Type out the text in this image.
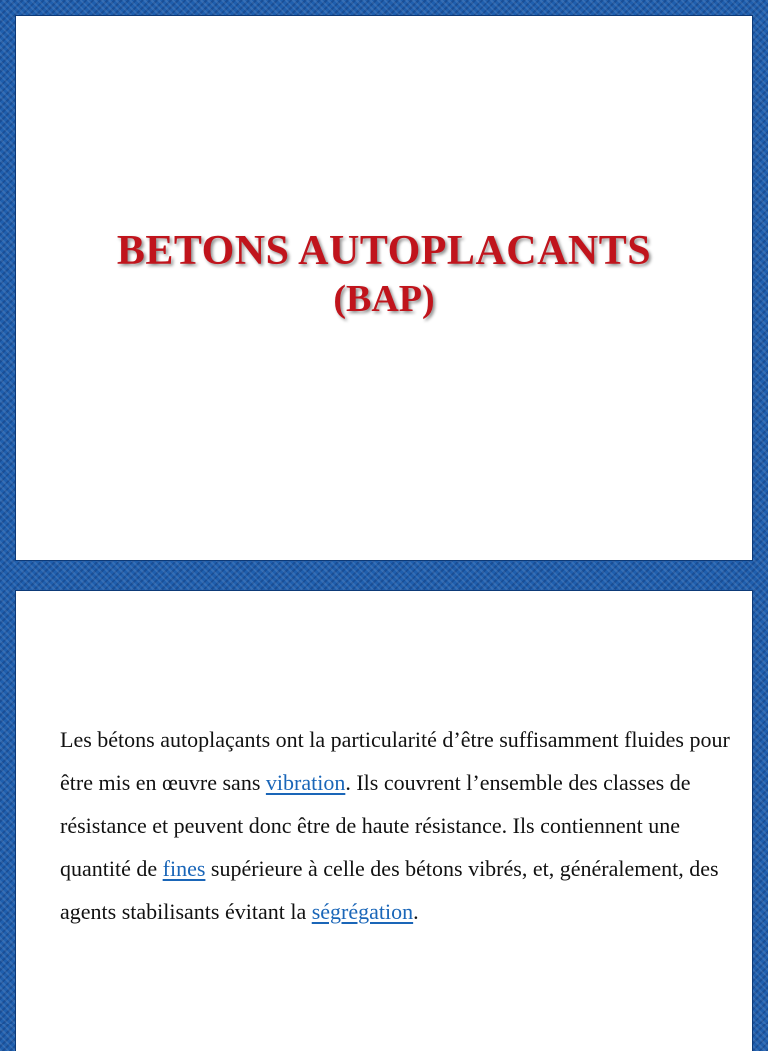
BETONS AUTOPLACANTS
(BAP)

Les bétons autoplaçants ont la particularité d’être suffisamment fluides pour être mis en œuvre sans vibration. Ils couvrent l’ensemble des classes de résistance et peuvent donc être de haute résistance. Ils contiennent une quantité de fines supérieure à celle des bétons vibrés, et, généralement, des agents stabilisants évitant la ségrégation.
